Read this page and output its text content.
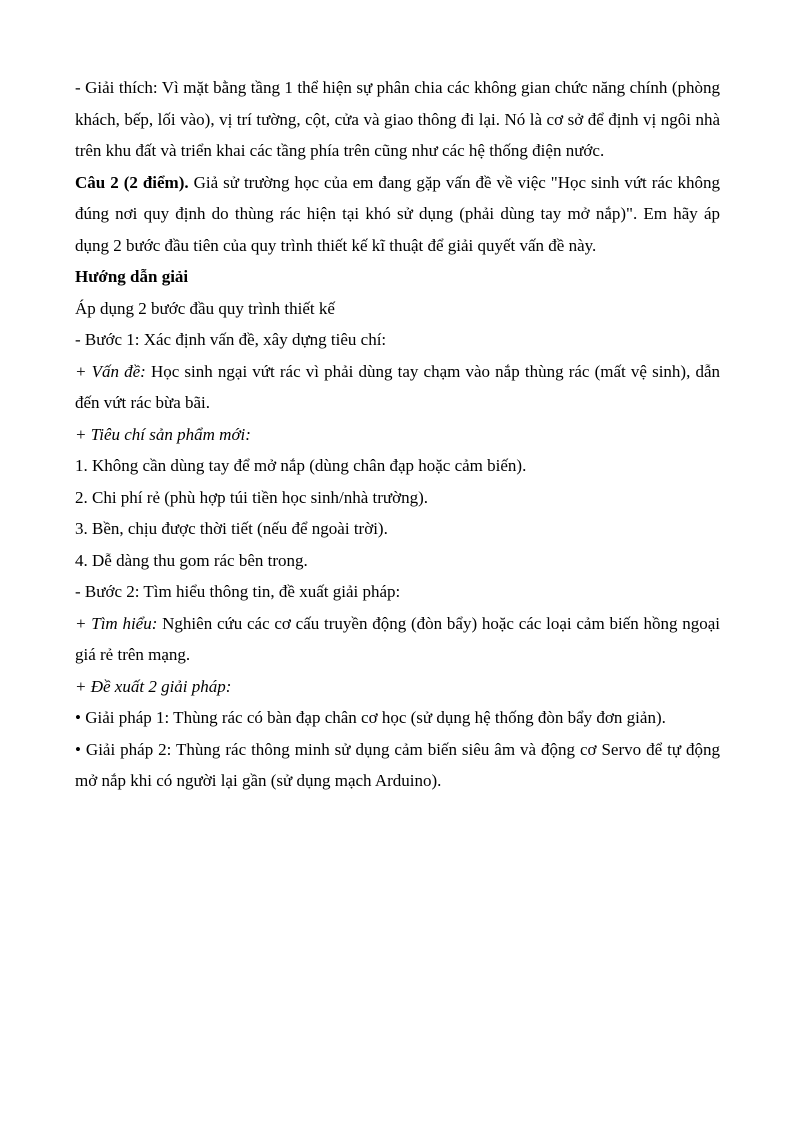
- Giải thích: Vì mặt bằng tầng 1 thể hiện sự phân chia các không gian chức năng chính (phòng khách, bếp, lối vào), vị trí tường, cột, cửa và giao thông đi lại. Nó là cơ sở để định vị ngôi nhà trên khu đất và triển khai các tầng phía trên cũng như các hệ thống điện nước.

Câu 2 (2 điểm). Giả sử trường học của em đang gặp vấn đề về việc "Học sinh vứt rác không đúng nơi quy định do thùng rác hiện tại khó sử dụng (phải dùng tay mở nắp)". Em hãy áp dụng 2 bước đầu tiên của quy trình thiết kế kĩ thuật để giải quyết vấn đề này.

Hướng dẫn giải

Áp dụng 2 bước đầu quy trình thiết kế

- Bước 1: Xác định vấn đề, xây dựng tiêu chí:

+ Vấn đề: Học sinh ngại vứt rác vì phải dùng tay chạm vào nắp thùng rác (mất vệ sinh), dẫn đến vứt rác bừa bãi.

+ Tiêu chí sản phẩm mới:

1. Không cần dùng tay để mở nắp (dùng chân đạp hoặc cảm biến).

2. Chi phí rẻ (phù hợp túi tiền học sinh/nhà trường).

3. Bền, chịu được thời tiết (nếu để ngoài trời).

4. Dễ dàng thu gom rác bên trong.

- Bước 2: Tìm hiểu thông tin, đề xuất giải pháp:

+ Tìm hiểu: Nghiên cứu các cơ cấu truyền động (đòn bẩy) hoặc các loại cảm biến hồng ngoại giá rẻ trên mạng.

+ Đề xuất 2 giải pháp:

• Giải pháp 1: Thùng rác có bàn đạp chân cơ học (sử dụng hệ thống đòn bẩy đơn giản).

• Giải pháp 2: Thùng rác thông minh sử dụng cảm biến siêu âm và động cơ Servo để tự động mở nắp khi có người lại gần (sử dụng mạch Arduino).
